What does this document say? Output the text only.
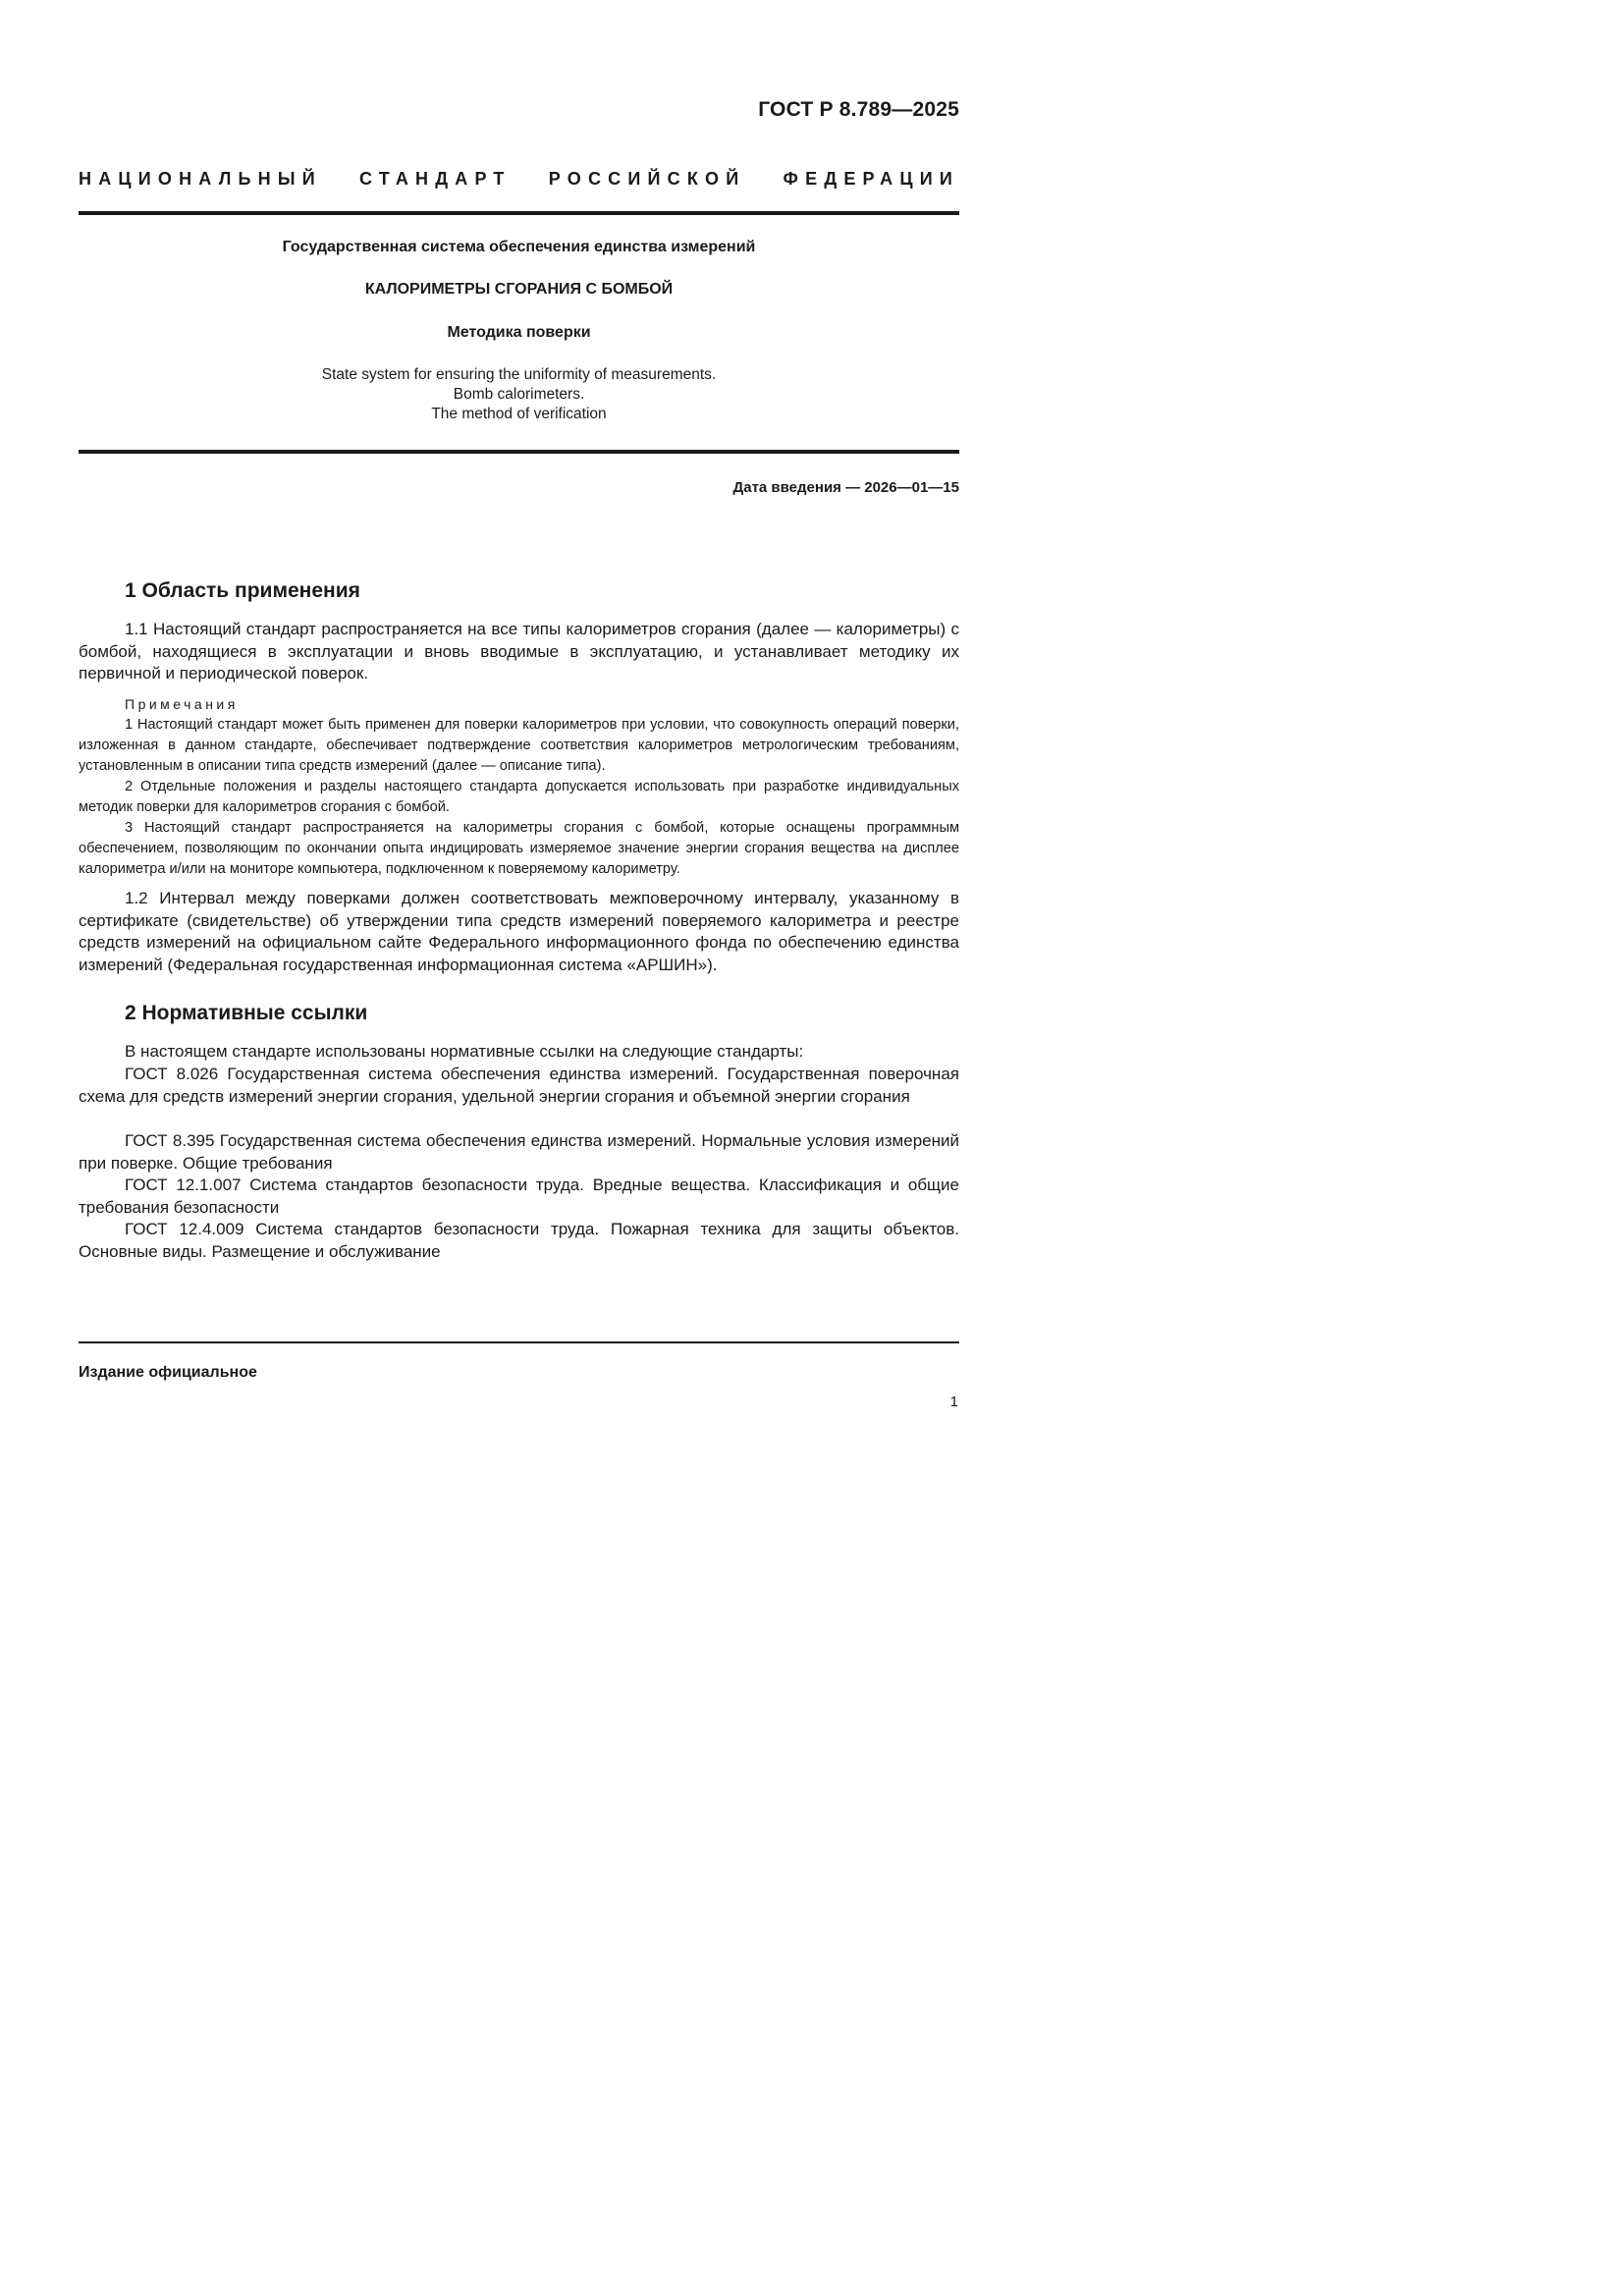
ГОСТ Р 8.789—2025
НАЦИОНАЛЬНЫЙ СТАНДАРТ РОССИЙСКОЙ ФЕДЕРАЦИИ
Государственная система обеспечения единства измерений
КАЛОРИМЕТРЫ СГОРАНИЯ С БОМБОЙ
Методика поверки
State system for ensuring the uniformity of measurements.
Bomb calorimeters.
The method of verification
Дата введения — 2026—01—15
1 Область применения
1.1 Настоящий стандарт распространяется на все типы калориметров сгорания (далее — калориметры) с бомбой, находящиеся в эксплуатации и вновь вводимые в эксплуатацию, и устанавливает методику их первичной и периодической поверок.
Примечания
1 Настоящий стандарт может быть применен для поверки калориметров при условии, что совокупность операций поверки, изложенная в данном стандарте, обеспечивает подтверждение соответствия калориметров метрологическим требованиям, установленным в описании типа средств измерений (далее — описание типа).
2 Отдельные положения и разделы настоящего стандарта допускается использовать при разработке индивидуальных методик поверки для калориметров сгорания с бомбой.
3 Настоящий стандарт распространяется на калориметры сгорания с бомбой, которые оснащены программным обеспечением, позволяющим по окончании опыта индицировать измеряемое значение энергии сгорания вещества на дисплее калориметра и/или на мониторе компьютера, подключенном к поверяемому калориметру.
1.2 Интервал между поверками должен соответствовать межповерочному интервалу, указанному в сертификате (свидетельстве) об утверждении типа средств измерений поверяемого калориметра и реестре средств измерений на официальном сайте Федерального информационного фонда по обеспечению единства измерений (Федеральная государственная информационная система «АРШИН»).
2 Нормативные ссылки
В настоящем стандарте использованы нормативные ссылки на следующие стандарты:
ГОСТ 8.026 Государственная система обеспечения единства измерений. Государственная поверочная схема для средств измерений энергии сгорания, удельной энергии сгорания и объемной энергии сгорания
ГОСТ 8.395 Государственная система обеспечения единства измерений. Нормальные условия измерений при поверке. Общие требования
ГОСТ 12.1.007 Система стандартов безопасности труда. Вредные вещества. Классификация и общие требования безопасности
ГОСТ 12.4.009 Система стандартов безопасности труда. Пожарная техника для защиты объектов. Основные виды. Размещение и обслуживание
Издание официальное
1
